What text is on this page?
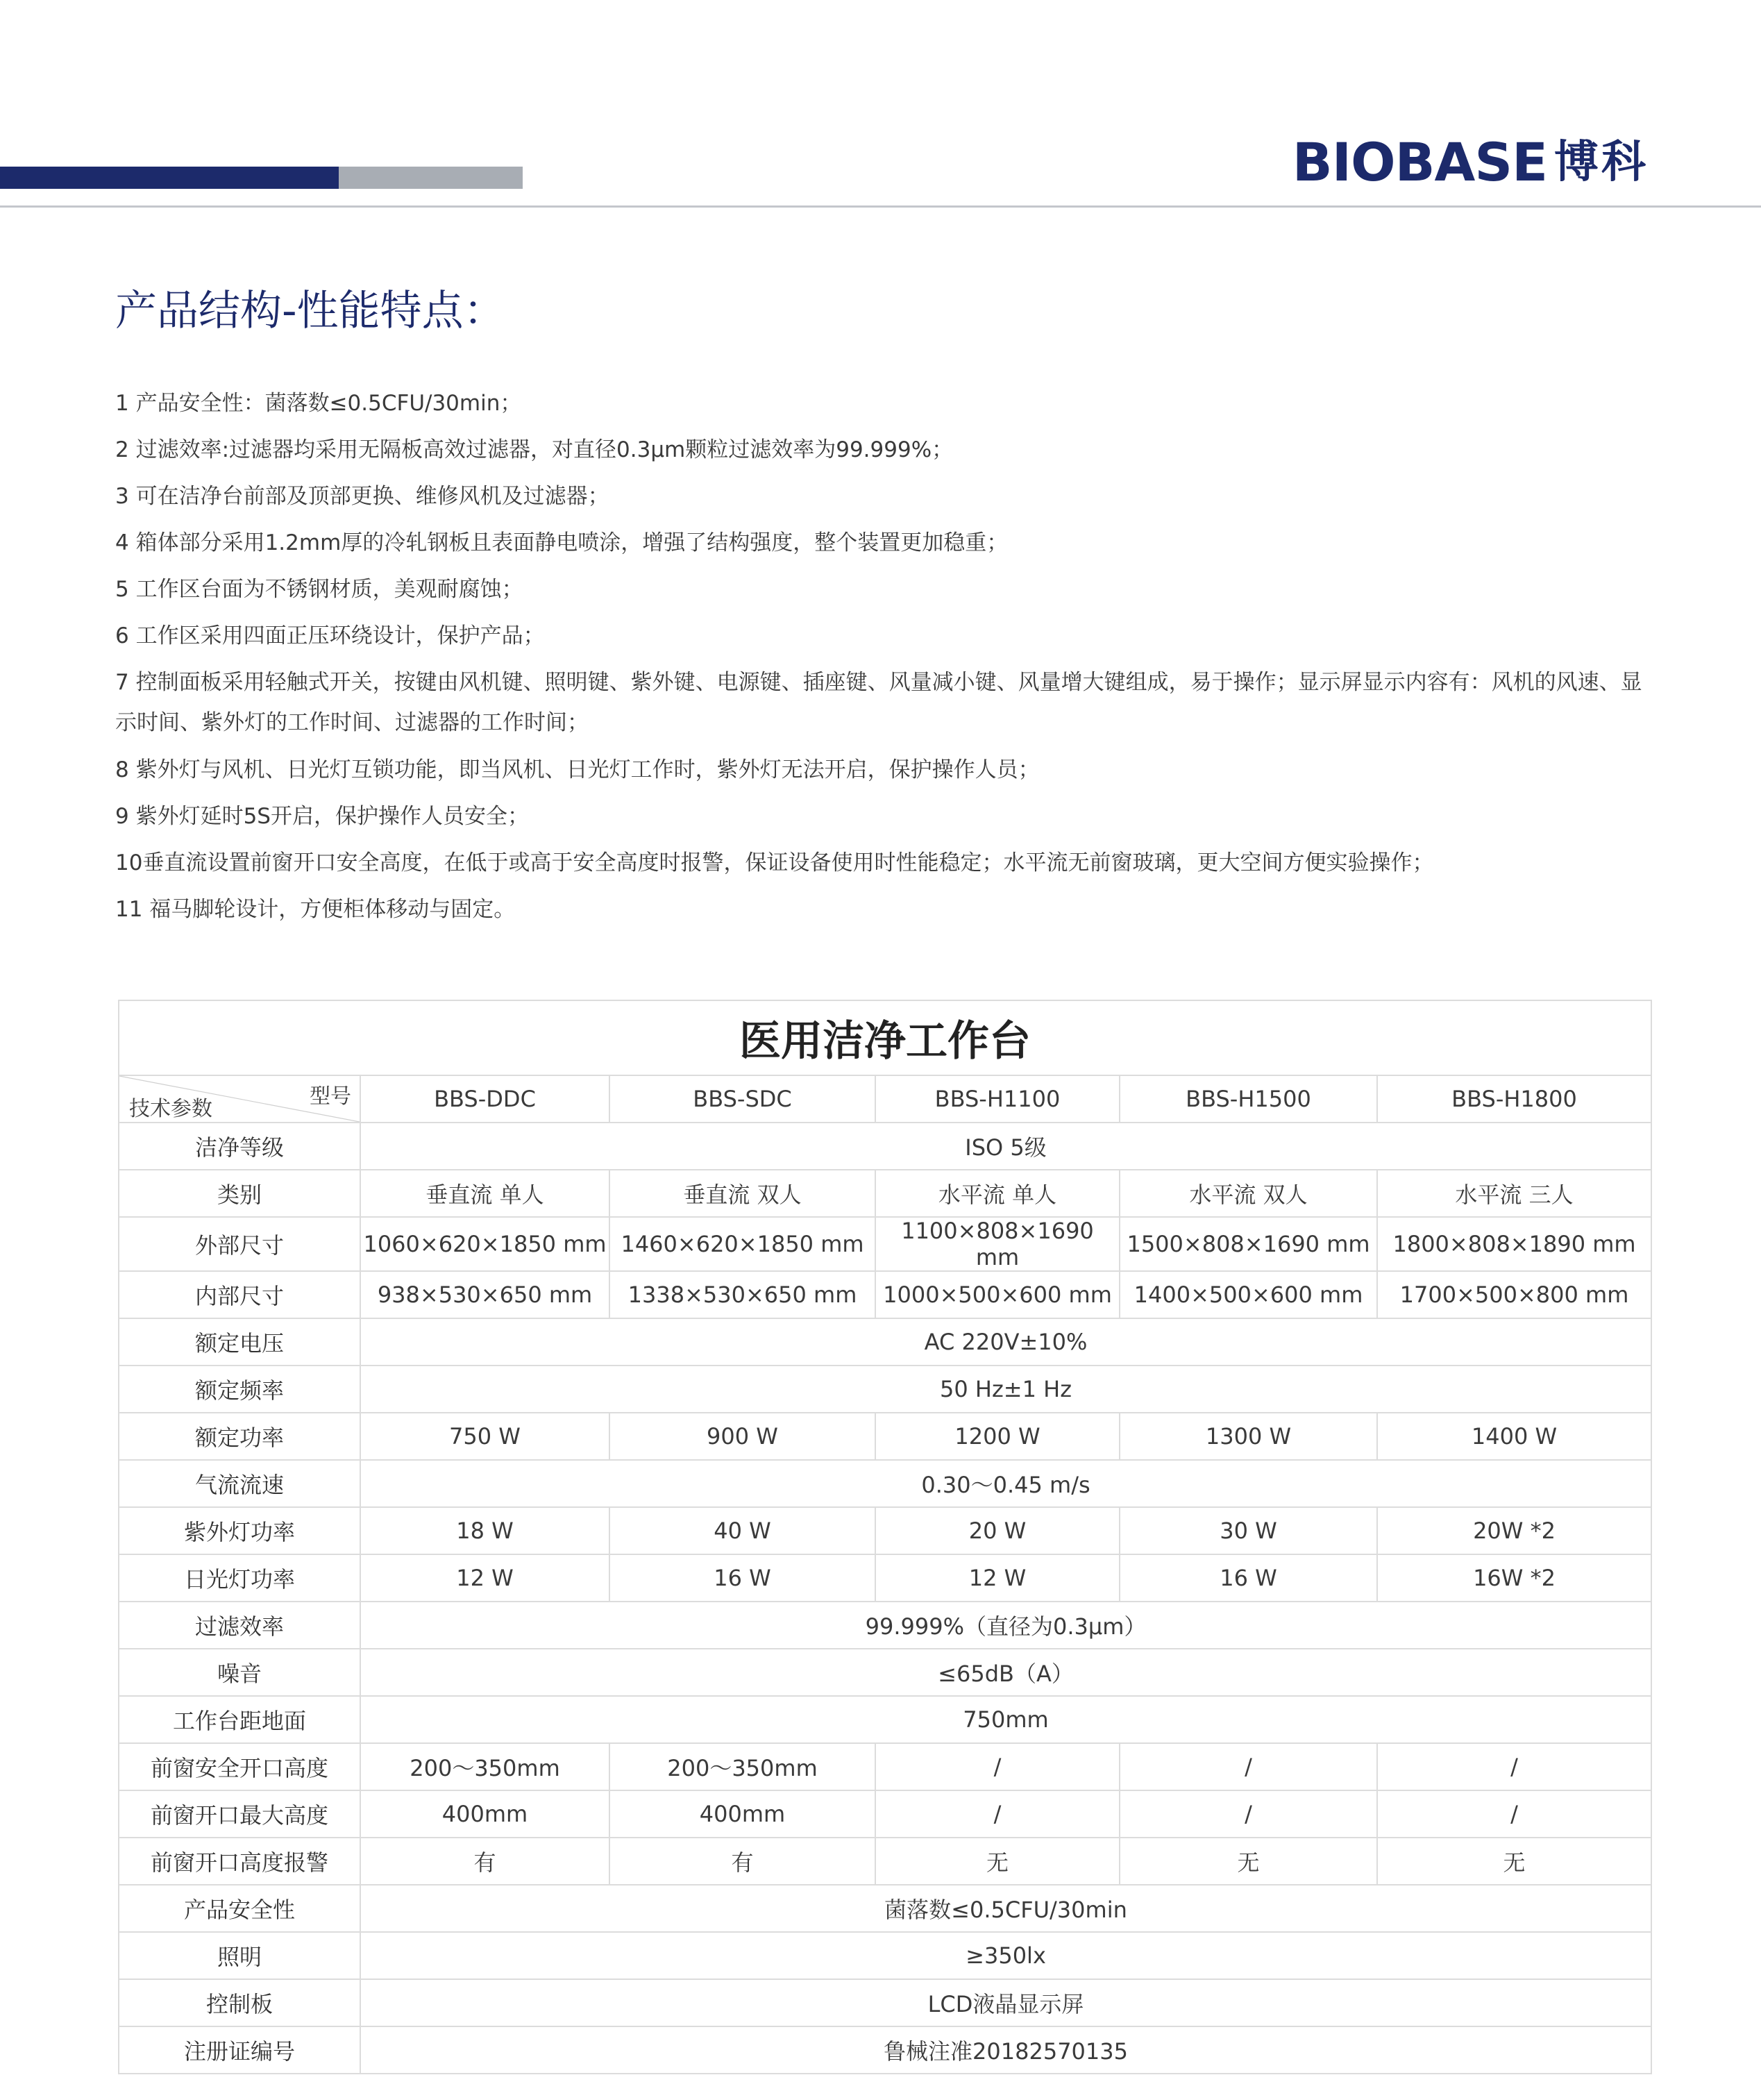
BIOBASE 博科
产品结构-性能特点：
1 产品安全性：菌落数≤0.5CFU/30min；
2 过滤效率:过滤器均采用无隔板高效过滤器，对直径0.3μm颗粒过滤效率为99.999%；
3 可在洁净台前部及顶部更换、维修风机及过滤器；
4 箱体部分采用1.2mm厚的冷轧钢板且表面静电喷涂，增强了结构强度，整个装置更加稳重；
5 工作区台面为不锈钢材质，美观耐腐蚀；
6 工作区采用四面正压环绕设计，保护产品；
7 控制面板采用轻触式开关，按键由风机键、照明键、紫外键、电源键、插座键、风量减小键、风量增大键组成，易于操作；显示屏显示内容有：风机的风速、显示时间、紫外灯的工作时间、过滤器的工作时间；
8 紫外灯与风机、日光灯互锁功能，即当风机、日光灯工作时，紫外灯无法开启，保护操作人员；
9 紫外灯延时5S开启，保护操作人员安全；
10垂直流设置前窗开口安全高度，在低于或高于安全高度时报警，保证设备使用时性能稳定；水平流无前窗玻璃，更大空间方便实验操作；
11 福马脚轮设计，方便柜体移动与固定。
医用洁净工作台					

型号
技术参数	BBS-DDC	BBS-SDC	BBS-H1100	BBS-H1500	BBS-H1800
洁净等级	ISO 5级				
类别	垂直流 单人	垂直流 双人	水平流 单人	水平流 双人	水平流 三人
外部尺寸	1060×620×1850 mm	1460×620×1850 mm	1100×808×1690 mm	1500×808×1690 mm	1800×808×1890 mm
内部尺寸	938×530×650 mm	1338×530×650 mm	1000×500×600 mm	1400×500×600 mm	1700×500×800 mm
额定电压	AC 220V±10%				
额定频率	50 Hz±1 Hz				
额定功率	750 W	900 W	1200 W	1300 W	1400 W
气流流速	0.30～0.45 m/s				
紫外灯功率	18 W	40 W	20 W	30 W	20W *2
日光灯功率	12 W	16 W	12 W	16 W	16W *2
过滤效率	99.999%（直径为0.3μm）				
噪音	≤65dB（A）				
工作台距地面	750mm				
前窗安全开口高度	200～350mm	200～350mm	/	/	/
前窗开口最大高度	400mm	400mm	/	/	/
前窗开口高度报警	有	有	无	无	无
产品安全性	菌落数≤0.5CFU/30min				
照明	≥350lx				
控制板	LCD液晶显示屏				
注册证编号	鲁械注准20182570135				
